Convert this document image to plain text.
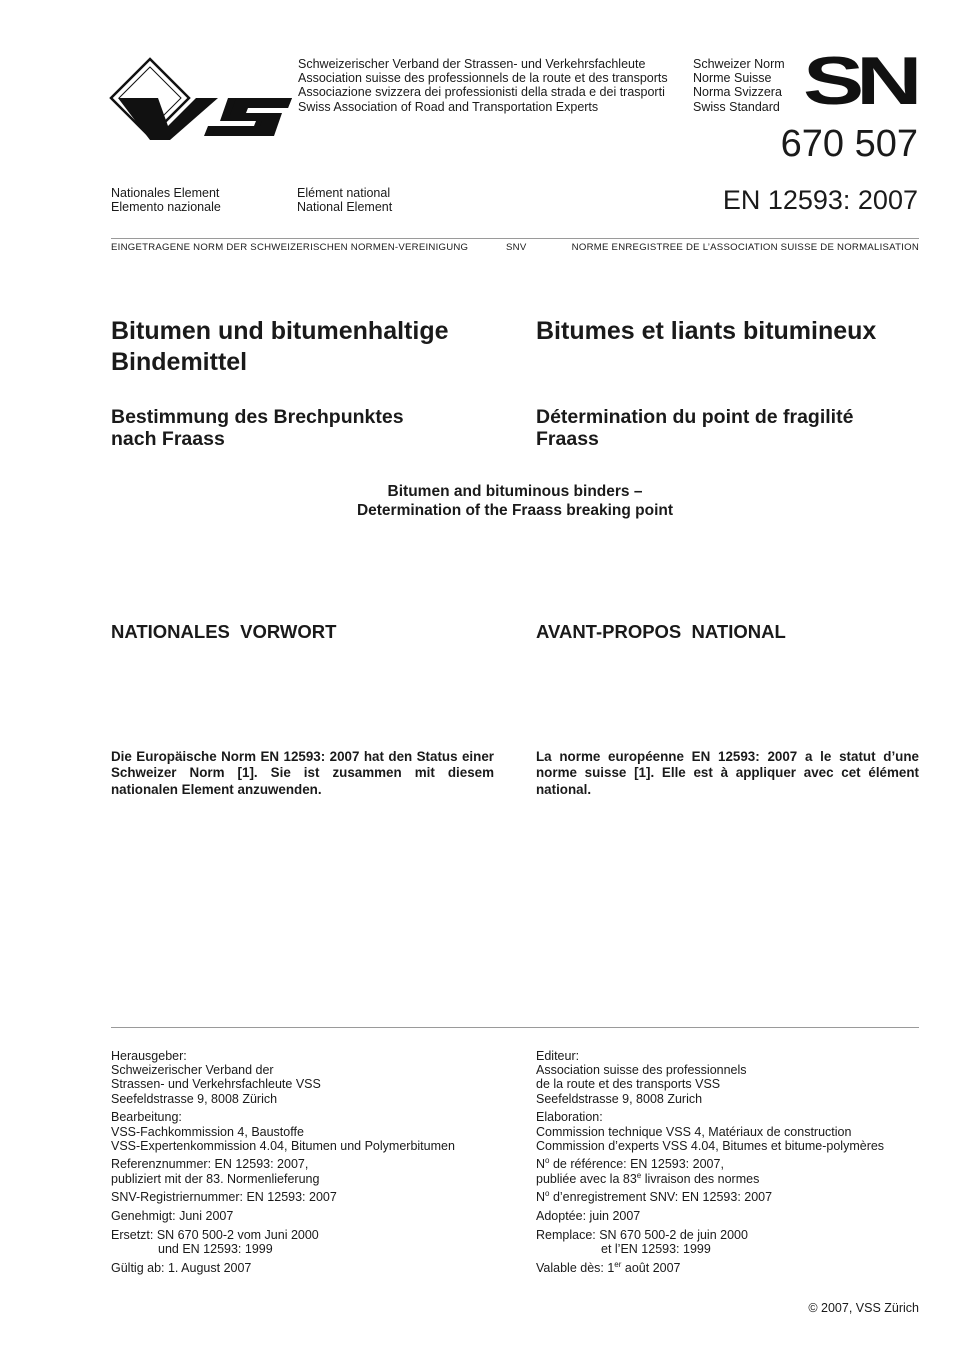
Schweizerischer Verband der Strassen- und Verkehrsfachleute
Association suisse des professionnels de la route et des transports
Associazione svizzera dei professionisti della strada e dei trasporti
Swiss Association of Road and Transportation Experts
Schweizer Norm
Norme Suisse
Norma Svizzera
Swiss Standard SN
670 507
Nationales Element
Elemento nazionale
Elément national
National Element	EN 12593: 2007
EINGETRAGENE NORM DER SCHWEIZERISCHEN NORMEN-VEREINIGUNG	SNV	NORME ENREGISTREE DE L’ASSOCIATION SUISSE DE NORMALISATION
Bitumen und bitumenhaltige
Bindemittel
Bitumes et liants bitumineux
Bestimmung des Brechpunktes
nach Fraass
Détermination du point de fragilité
Fraass
Bitumen and bituminous binders –
Determination of the Fraass breaking point
NATIONALES  VORWORT	AVANT-PROPOS  NATIONAL
Die Europäische Norm EN 12593: 2007 hat den Status einer Schweizer Norm [1]. Sie ist zusammen mit diesem nationalen Element anzuwenden.
La norme européenne EN 12593: 2007 a le statut d’une norme suisse [1]. Elle est à appliquer avec cet élément national.
Herausgeber:
Schweizerischer Verband der
Strassen- und Verkehrsfachleute VSS
Seefeldstrasse 9, 8008 Zürich
Bearbeitung:
VSS-Fachkommission 4, Baustoffe
VSS-Expertenkommission 4.04, Bitumen und Polymerbitumen
Referenznummer: EN 12593: 2007,
publiziert mit der 83. Normenlieferung
SNV-Registriernummer: EN 12593: 2007
Genehmigt: Juni 2007
Ersetzt: SN 670 500-2 vom Juni 2000
und EN 12593: 1999
Gültig ab: 1. August 2007
Editeur:
Association suisse des professionnels
de la route et des transports VSS
Seefeldstrasse 9, 8008 Zurich
Elaboration:
Commission technique VSS 4, Matériaux de construction
Commission d’experts VSS 4.04, Bitumes et bitume-polymères
$N^o$ de référence: EN 12593: 2007,
publiée avec la 83e livraison des normes
$N^o$ d’enregistrement SNV: EN 12593: 2007
Adoptée: juin 2007
Remplace: SN 670 500-2 de juin 2000
et l’EN 12593: 1999
Valable dès: 1er août 2007
© 2007, VSS Zürich
